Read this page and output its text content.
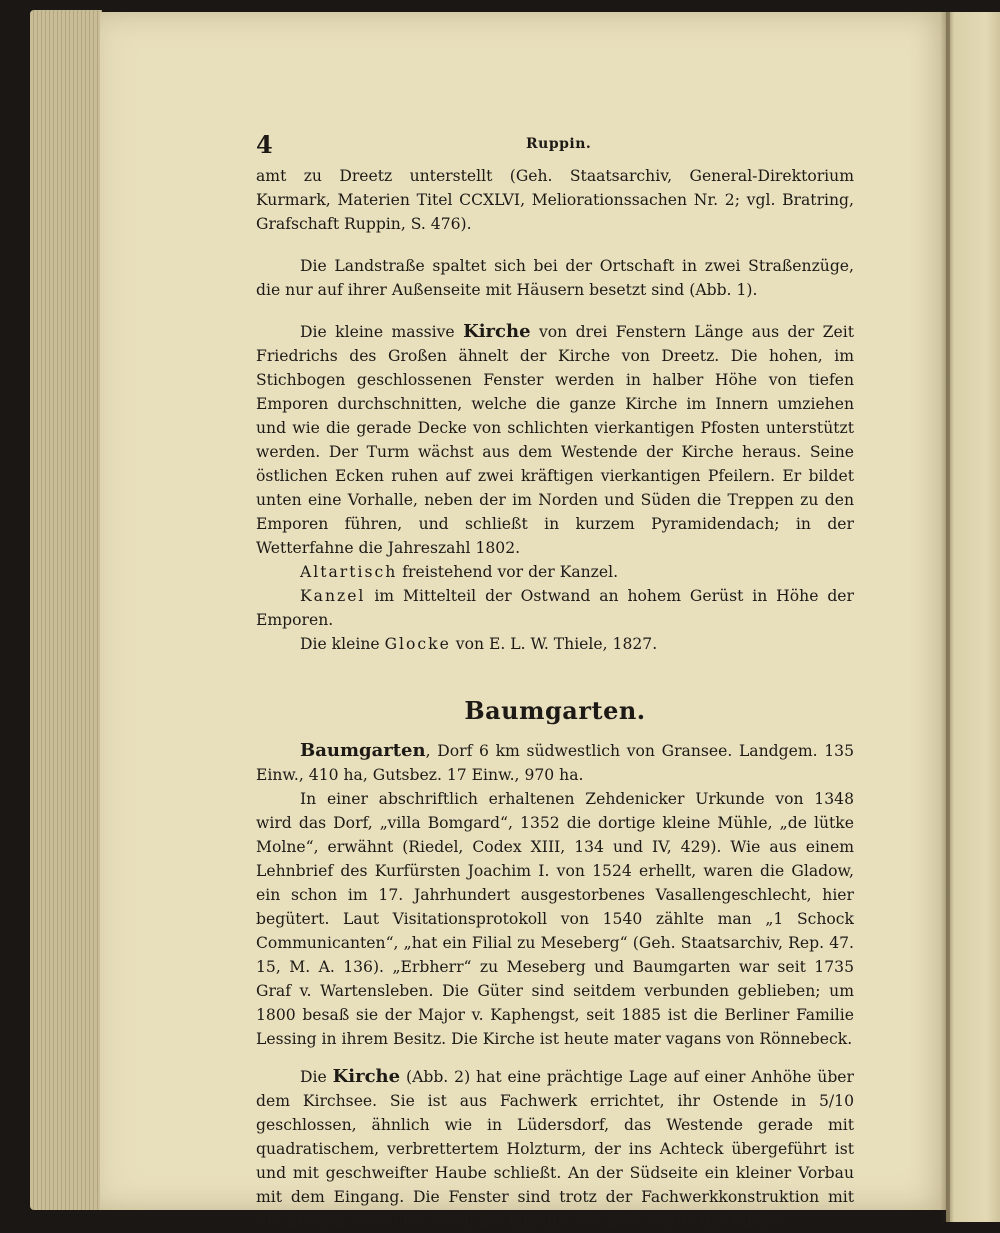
4	Ruppin.

amt zu Dreetz unterstellt (Geh. Staatsarchiv, General-Direktorium Kurmark, Materien Titel CCXLVI, Meliorationssachen Nr. 2; vgl. Bratring, Grafschaft Ruppin, S. 476).

Die Landstraße spaltet sich bei der Ortschaft in zwei Straßenzüge, die nur auf ihrer Außenseite mit Häusern besetzt sind (Abb. 1).

Die kleine massive Kirche von drei Fenstern Länge aus der Zeit Friedrichs des Großen ähnelt der Kirche von Dreetz. Die hohen, im Stichbogen geschlossenen Fenster werden in halber Höhe von tiefen Emporen durchschnitten, welche die ganze Kirche im Innern umziehen und wie die gerade Decke von schlichten vierkantigen Pfosten unterstützt werden. Der Turm wächst aus dem Westende der Kirche heraus. Seine östlichen Ecken ruhen auf zwei kräftigen vierkantigen Pfeilern. Er bildet unten eine Vorhalle, neben der im Norden und Süden die Treppen zu den Emporen führen, und schließt in kurzem Pyramidendach; in der Wetterfahne die Jahreszahl 1802.

Altartisch freistehend vor der Kanzel.

Kanzel im Mittelteil der Ostwand an hohem Gerüst in Höhe der Emporen.

Die kleine Glocke von E. L. W. Thiele, 1827.

Baumgarten.

Baumgarten, Dorf 6 km südwestlich von Gransee. Landgem. 135 Einw., 410 ha, Gutsbez. 17 Einw., 970 ha.

In einer abschriftlich erhaltenen Zehdenicker Urkunde von 1348 wird das Dorf, „villa Bomgard“, 1352 die dortige kleine Mühle, „de lütke Molne“, erwähnt (Riedel, Codex XIII, 134 und IV, 429). Wie aus einem Lehnbrief des Kurfürsten Joachim I. von 1524 erhellt, waren die Gladow, ein schon im 17. Jahrhundert ausgestorbenes Vasallengeschlecht, hier begütert. Laut Visitationsprotokoll von 1540 zählte man „1 Schock Communicanten“, „hat ein Filial zu Meseberg“ (Geh. Staatsarchiv, Rep. 47. 15, M. A. 136). „Erbherr“ zu Meseberg und Baumgarten war seit 1735 Graf v. Wartensleben. Die Güter sind seitdem verbunden geblieben; um 1800 besaß sie der Major v. Kaphengst, seit 1885 ist die Berliner Familie Lessing in ihrem Besitz. Die Kirche ist heute mater vagans von Rönnebeck.

Die Kirche (Abb. 2) hat eine prächtige Lage auf einer Anhöhe über dem Kirchsee. Sie ist aus Fachwerk errichtet, ihr Ostende in 5/10 geschlossen, ähnlich wie in Lüdersdorf, das Westende gerade mit quadratischem, verbrettertem Holzturm, der ins Achteck übergeführt ist und mit geschweifter Haube schließt. An der Südseite ein kleiner Vorbau mit dem Eingang. Die Fenster sind trotz der Fachwerkkonstruktion mit Stichbogen versehen. Nach Beckmanns Nachlaß wurde die Kirche
